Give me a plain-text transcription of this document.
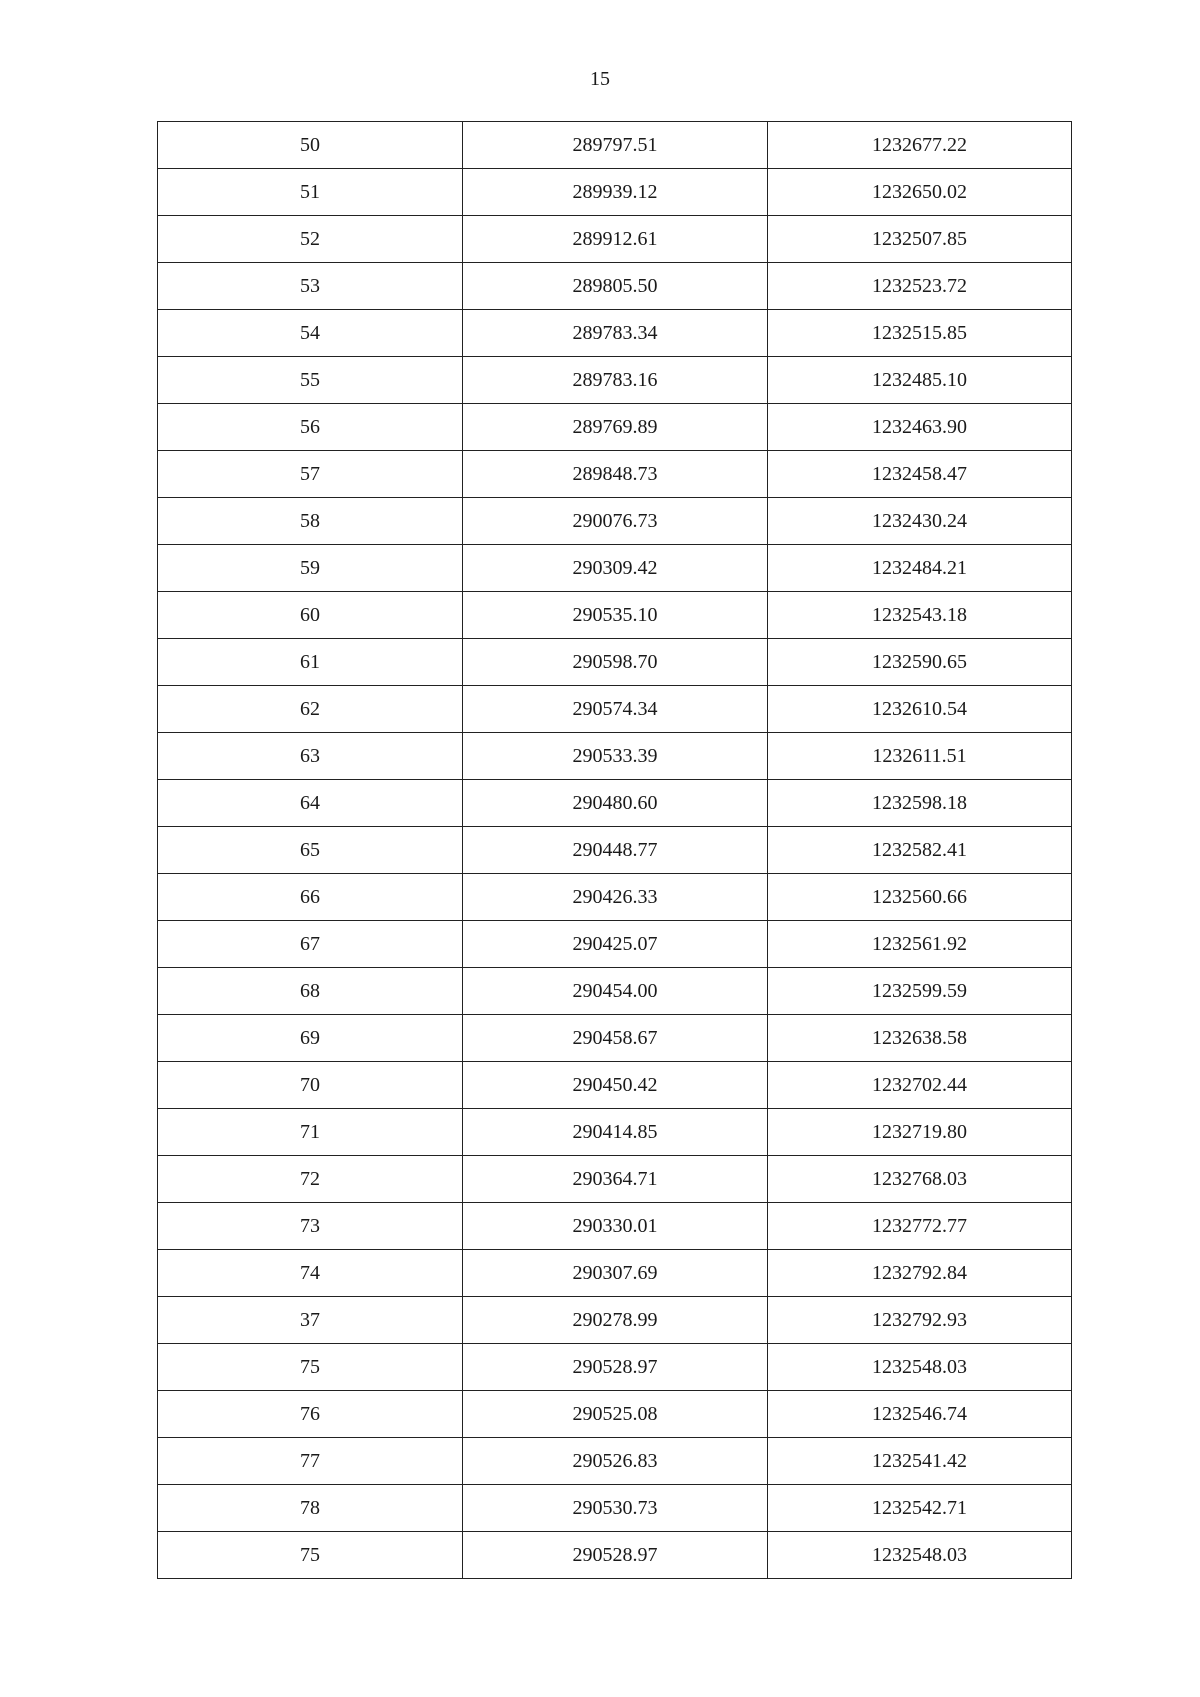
15
50	289797.51	1232677.22
51	289939.12	1232650.02
52	289912.61	1232507.85
53	289805.50	1232523.72
54	289783.34	1232515.85
55	289783.16	1232485.10
56	289769.89	1232463.90
57	289848.73	1232458.47
58	290076.73	1232430.24
59	290309.42	1232484.21
60	290535.10	1232543.18
61	290598.70	1232590.65
62	290574.34	1232610.54
63	290533.39	1232611.51
64	290480.60	1232598.18
65	290448.77	1232582.41
66	290426.33	1232560.66
67	290425.07	1232561.92
68	290454.00	1232599.59
69	290458.67	1232638.58
70	290450.42	1232702.44
71	290414.85	1232719.80
72	290364.71	1232768.03
73	290330.01	1232772.77
74	290307.69	1232792.84
37	290278.99	1232792.93
75	290528.97	1232548.03
76	290525.08	1232546.74
77	290526.83	1232541.42
78	290530.73	1232542.71
75	290528.97	1232548.03
